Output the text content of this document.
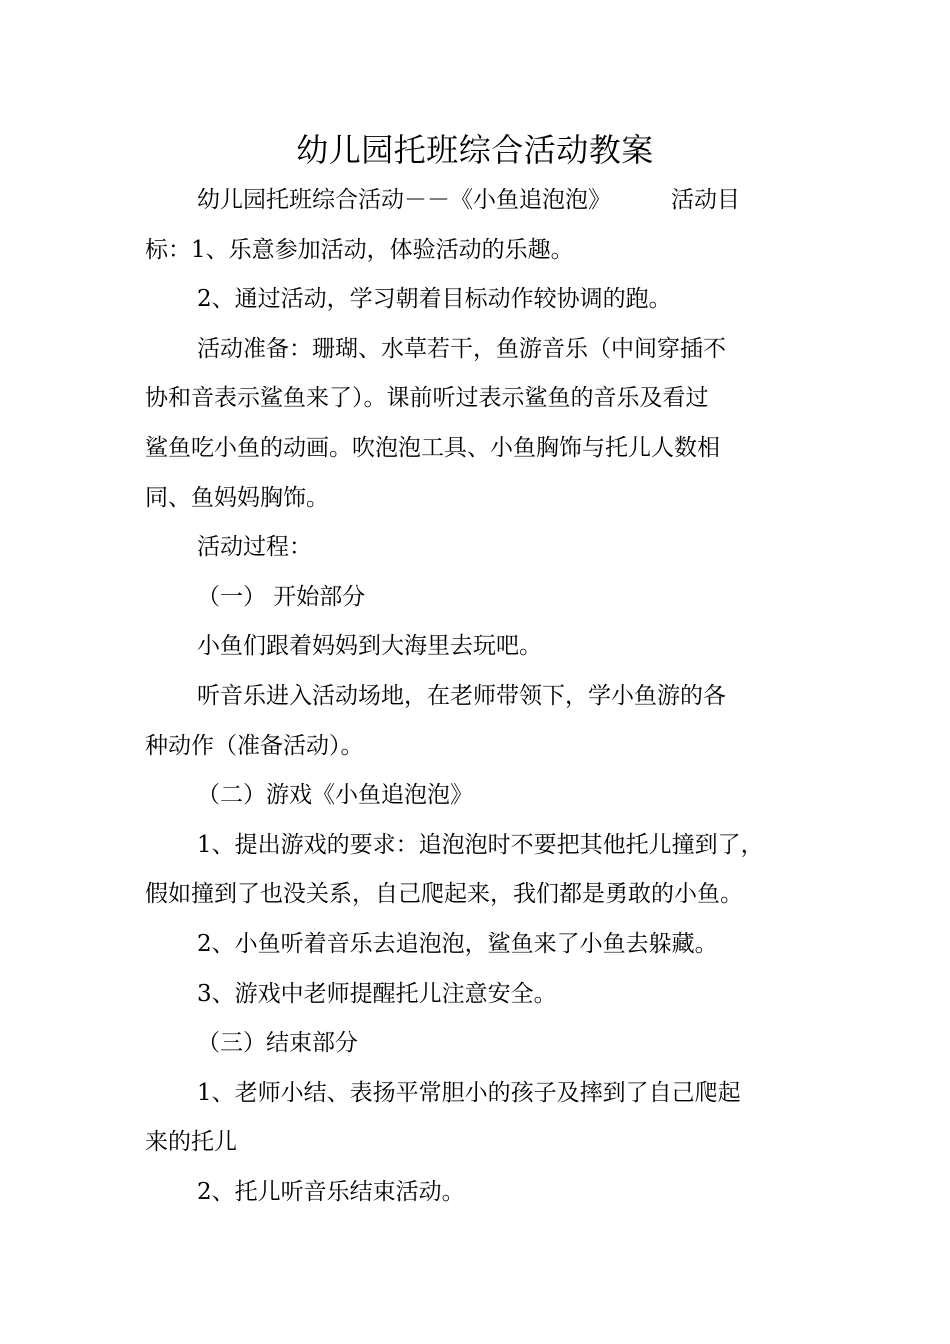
幼儿园托班综合活动教案
幼儿园托班综合活动－－《小鱼追泡泡》	活动目
标：1、乐意参加活动，体验活动的乐趣。
2、通过活动，学习朝着目标动作较协调的跑。
活动准备：珊瑚、水草若干，鱼游音乐（中间穿插不
协和音表示鲨鱼来了）。课前听过表示鲨鱼的音乐及看过
鲨鱼吃小鱼的动画。吹泡泡工具、小鱼胸饰与托儿人数相
同、鱼妈妈胸饰。
活动过程：
（一） 开始部分
小鱼们跟着妈妈到大海里去玩吧。
听音乐进入活动场地，在老师带领下，学小鱼游的各
种动作（准备活动）。
（二）游戏《小鱼追泡泡》
1、提出游戏的要求：追泡泡时不要把其他托儿撞到了，
假如撞到了也没关系，自己爬起来，我们都是勇敢的小鱼。
2、小鱼听着音乐去追泡泡，鲨鱼来了小鱼去躲藏。
3、游戏中老师提醒托儿注意安全。
（三）结束部分
1、老师小结、表扬平常胆小的孩子及摔到了自己爬起
来的托儿
2、托儿听音乐结束活动。
